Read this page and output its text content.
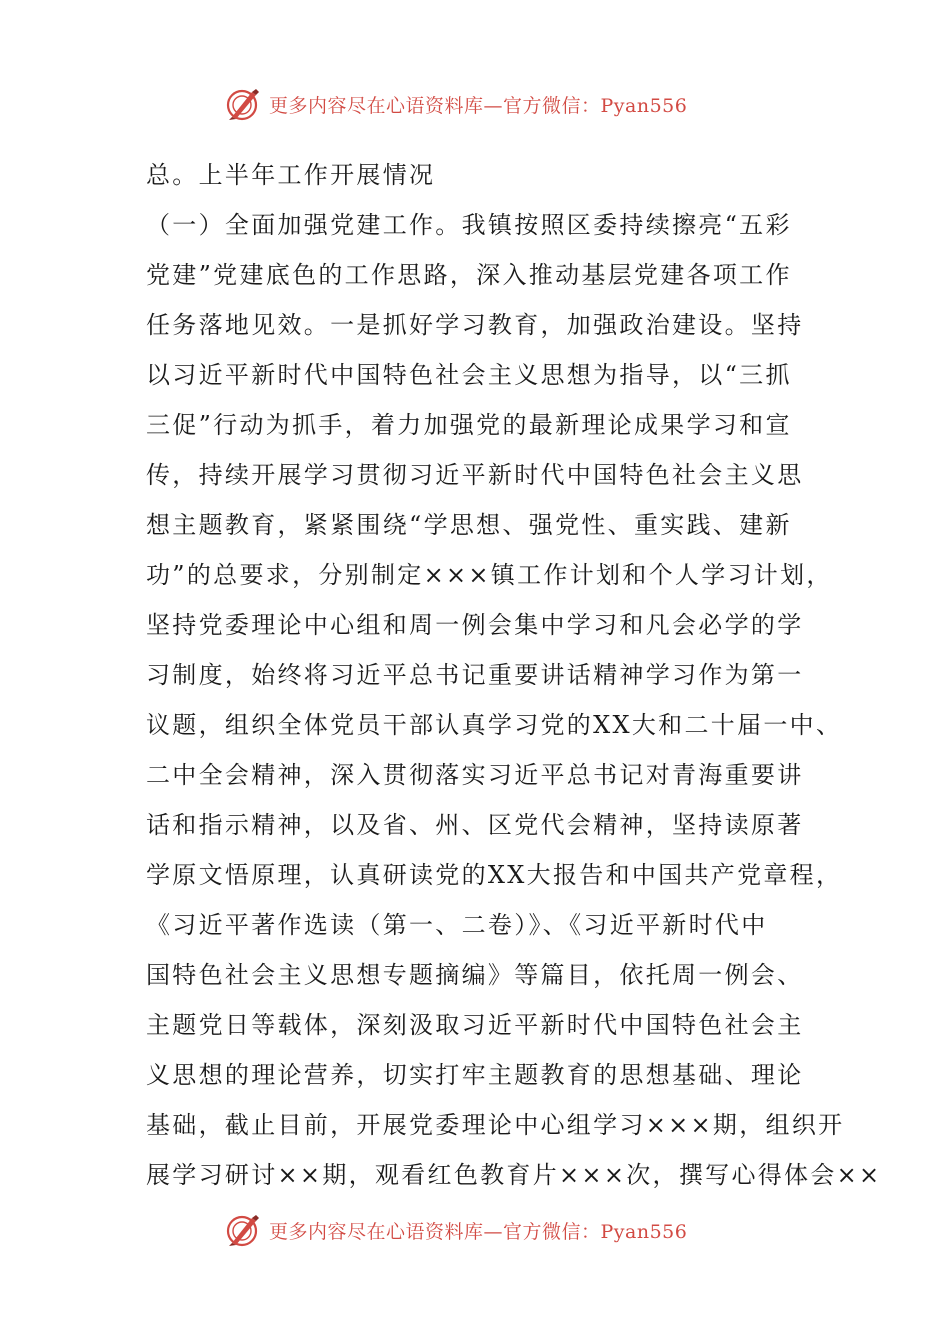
更多内容尽在心语资料库—官方微信：Pyan556
总。上半年工作开展情况
（一）全面加强党建工作。我镇按照区委持续擦亮“五彩
党建”党建底色的工作思路，深入推动基层党建各项工作
任务落地见效。一是抓好学习教育，加强政治建设。坚持
以习近平新时代中国特色社会主义思想为指导，以“三抓
三促”行动为抓手，着力加强党的最新理论成果学习和宣
传，持续开展学习贯彻习近平新时代中国特色社会主义思
想主题教育，紧紧围绕“学思想、强党性、重实践、建新
功”的总要求，分别制定×××镇工作计划和个人学习计划，
坚持党委理论中心组和周一例会集中学习和凡会必学的学
习制度，始终将习近平总书记重要讲话精神学习作为第一
议题，组织全体党员干部认真学习党的XX大和二十届一中、
二中全会精神，深入贯彻落实习近平总书记对青海重要讲
话和指示精神，以及省、州、区党代会精神，坚持读原著
学原文悟原理，认真研读党的XX大报告和中国共产党章程，
《习近平著作选读（第一、二卷）》、《习近平新时代中
国特色社会主义思想专题摘编》等篇目，依托周一例会、
主题党日等载体，深刻汲取习近平新时代中国特色社会主
义思想的理论营养，切实打牢主题教育的思想基础、理论
基础，截止目前，开展党委理论中心组学习×××期，组织开
展学习研讨××期，观看红色教育片×××次，撰写心得体会××
更多内容尽在心语资料库—官方微信：Pyan556
